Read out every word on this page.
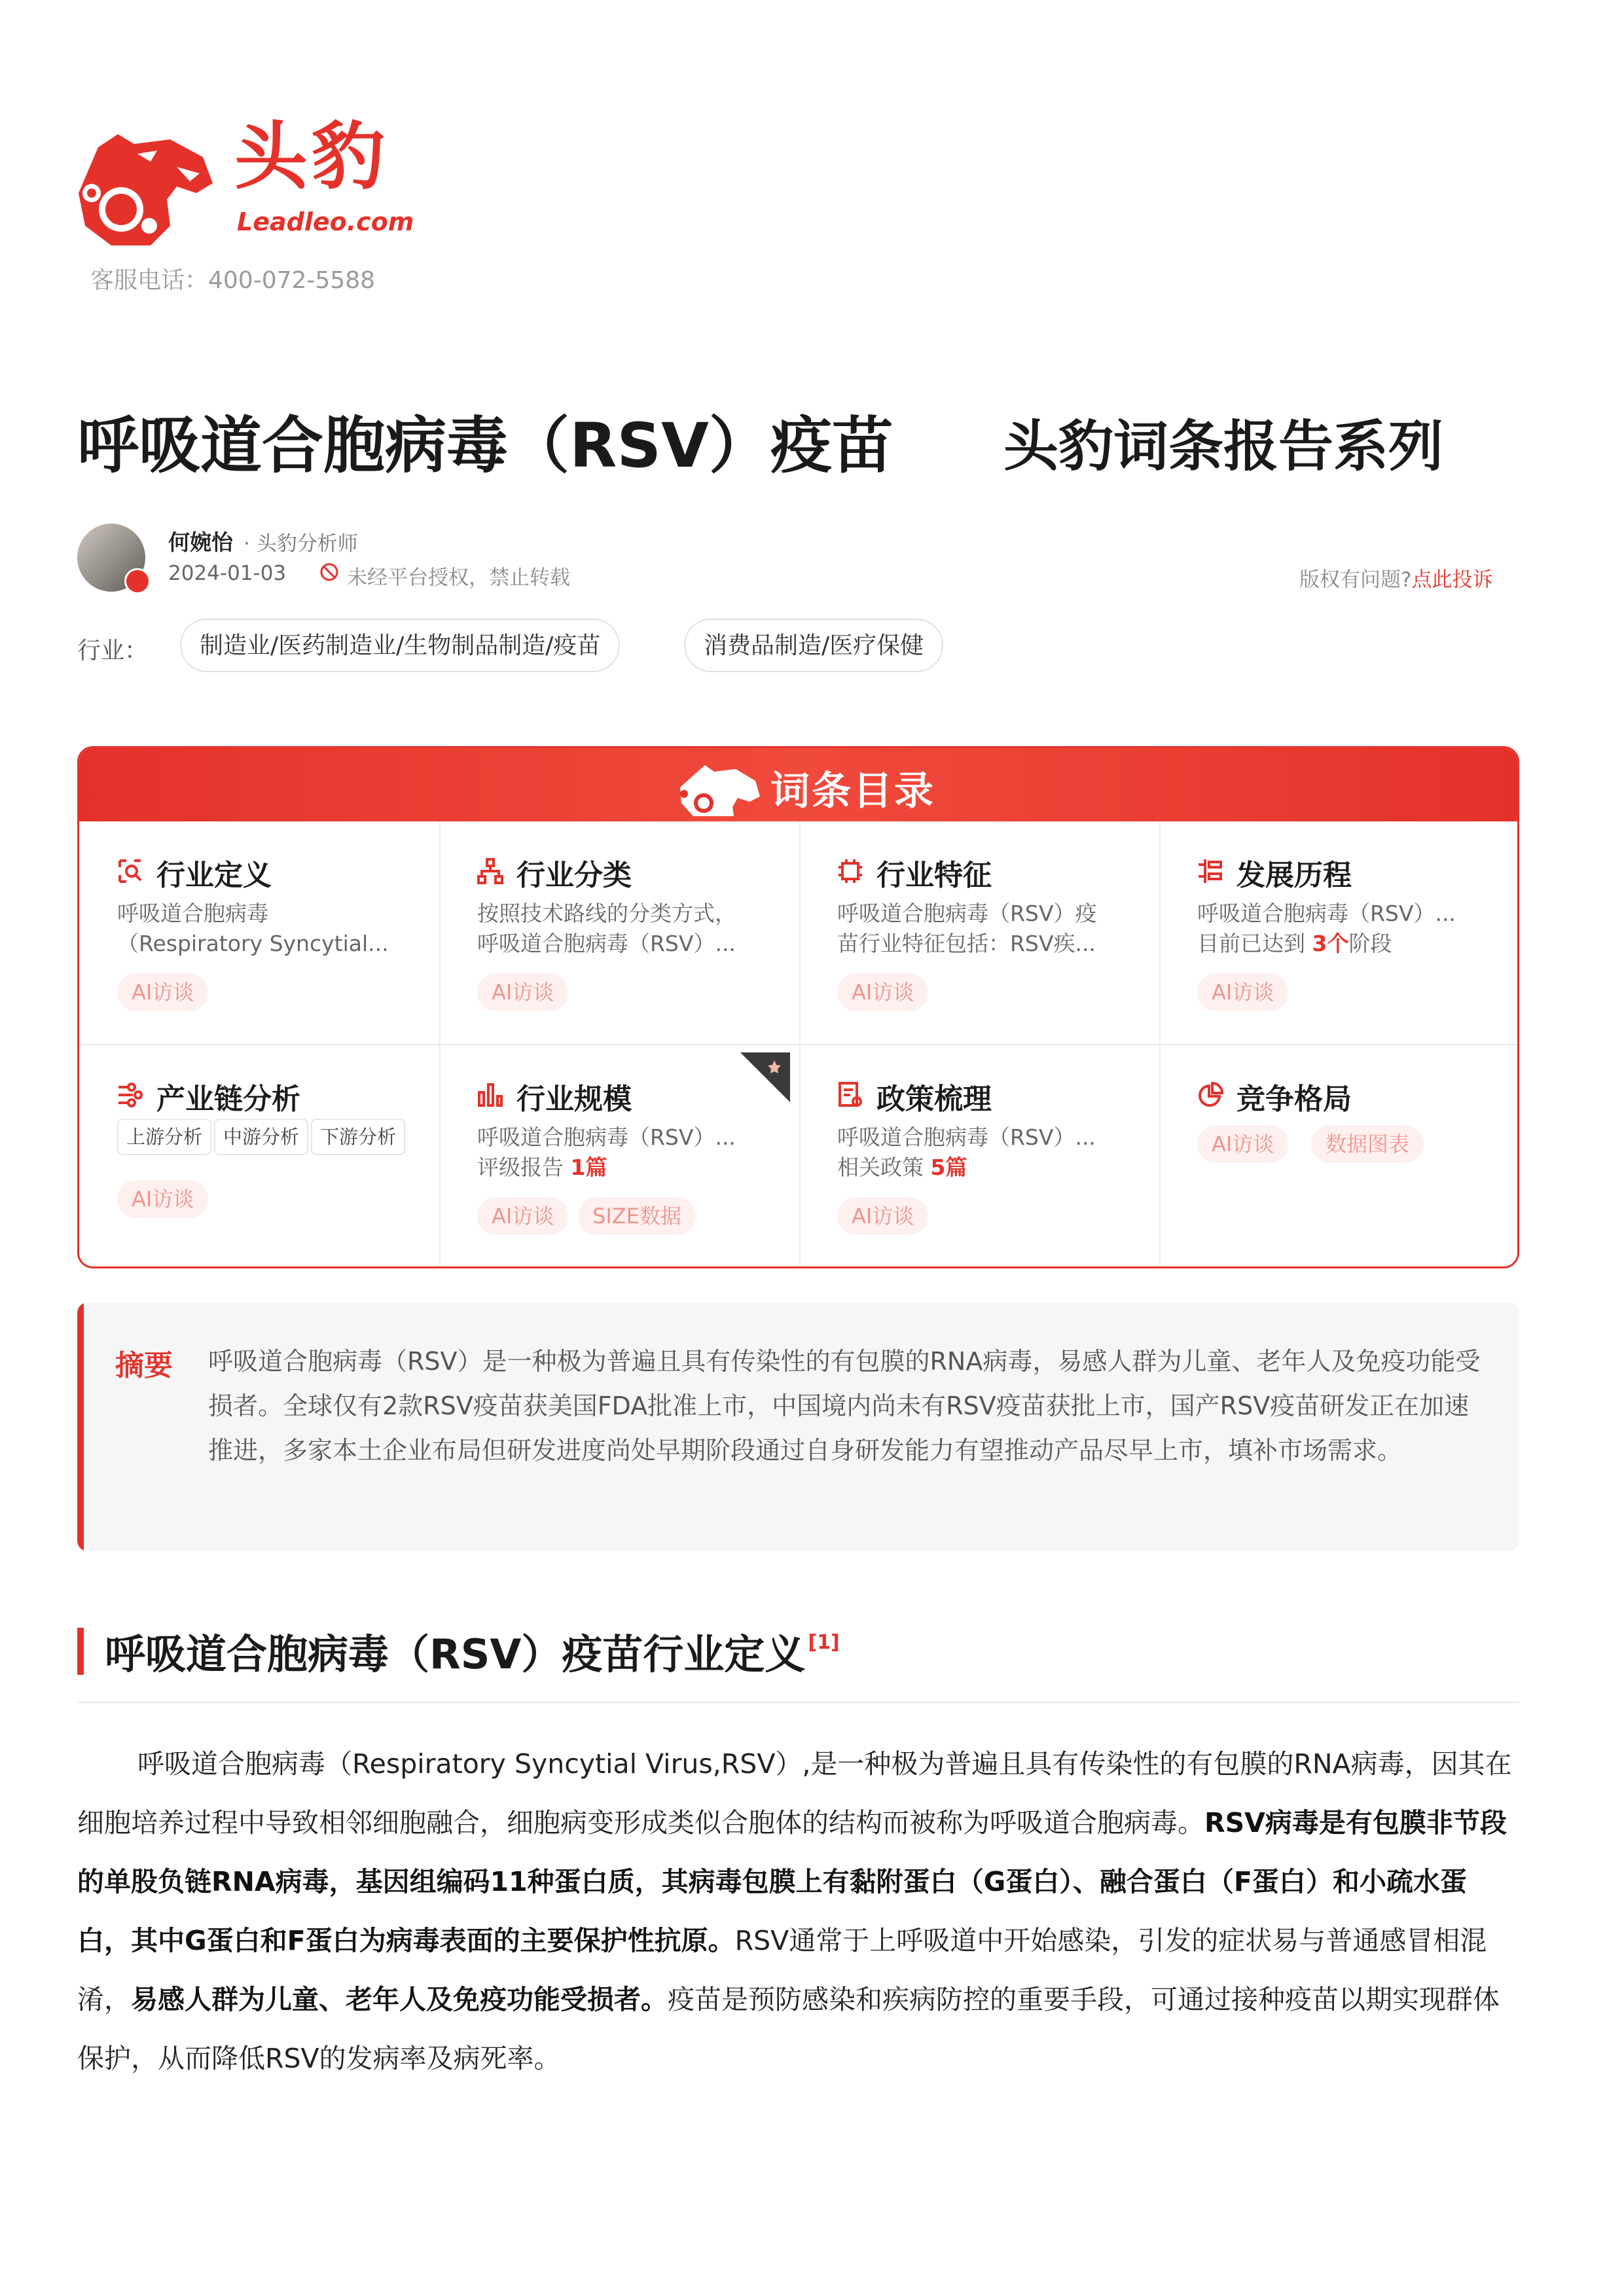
头豹
Leadleo.com
客服电话：400-072-5588
呼吸道合胞病毒（RSV）疫苗 头豹词条报告系列
何婉怡 · 头豹分析师
2024-01-03	未经平台授权，禁止转载	版权有问题?点此投诉
行业：	制造业/医药制造业/生物制品制造/疫苗	消费品制造/医疗保健
词条目录
行业定义
呼吸道合胞病毒
（Respiratory Syncytial...
AI访谈
行业分类
按照技术路线的分类方式，
呼吸道合胞病毒（RSV）...
AI访谈
行业特征
呼吸道合胞病毒（RSV）疫
苗行业特征包括：RSV疾...
AI访谈
发展历程
呼吸道合胞病毒（RSV）...
目前已达到 3个阶段
AI访谈
产业链分析
上游分析	中游分析	下游分析
AI访谈
行业规模
呼吸道合胞病毒（RSV）...
评级报告 1篇
AI访谈	SIZE数据
政策梳理
呼吸道合胞病毒（RSV）...
相关政策 5篇
AI访谈
竞争格局
AI访谈	数据图表
摘要 呼吸道合胞病毒（RSV）是一种极为普遍且具有传染性的有包膜的RNA病毒，易感人群为儿童、老年人及免疫功能受损者。全球仅有2款RSV疫苗获美国FDA批准上市，中国境内尚未有RSV疫苗获批上市，国产RSV疫苗研发正在加速推进，多家本土企业布局但研发进度尚处早期阶段通过自身研发能力有望推动产品尽早上市，填补市场需求。
呼吸道合胞病毒（RSV）疫苗行业定义 [1]
呼吸道合胞病毒（Respiratory Syncytial Virus,RSV）,是一种极为普遍且具有传染性的有包膜的RNA病毒，因其在细胞培养过程中导致相邻细胞融合，细胞病变形成类似合胞体的结构而被称为呼吸道合胞病毒。RSV病毒是有包膜非节段的单股负链RNA病毒，基因组编码11种蛋白质，其病毒包膜上有黏附蛋白（G蛋白）、融合蛋白（F蛋白）和小疏水蛋白，其中G蛋白和F蛋白为病毒表面的主要保护性抗原。RSV通常于上呼吸道中开始感染，引发的症状易与普通感冒相混淆，易感人群为儿童、老年人及免疫功能受损者。疫苗是预防感染和疾病防控的重要手段，可通过接种疫苗以期实现群体保护，从而降低RSV的发病率及病死率。
